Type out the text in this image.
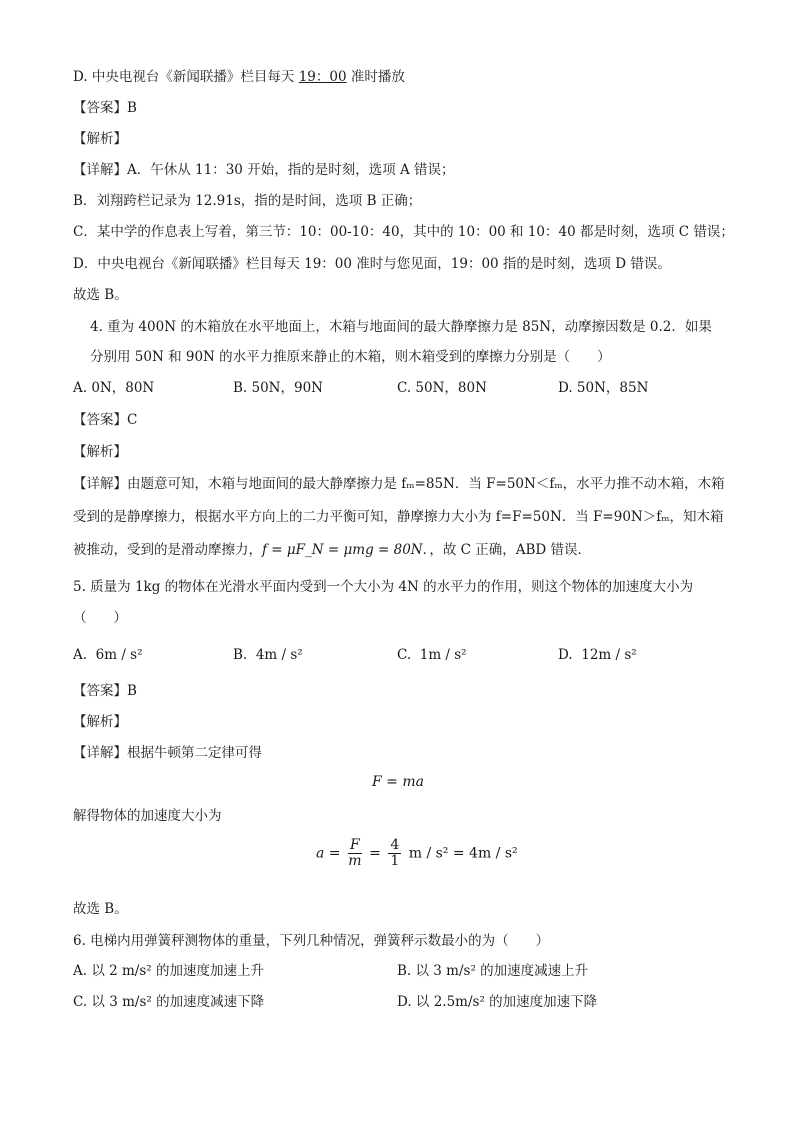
D. 中央电视台《新闻联播》栏目每天 19：00 准时播放
【答案】B
【解析】
【详解】A．午休从 11：30 开始，指的是时刻，选项 A 错误；
B．刘翔跨栏记录为 12.91s，指的是时间，选项 B 正确；
C．某中学的作息表上写着，第三节：10：00-10：40，其中的 10：00 和 10：40 都是时刻，选项 C 错误；
D．中央电视台《新闻联播》栏目每天 19：00 准时与您见面，19：00 指的是时刻，选项 D 错误。
故选 B。
4. 重为 400N 的木箱放在水平地面上，木箱与地面间的最大静摩擦力是 85N，动摩擦因数是 0.2．如果
分别用 50N 和 90N 的水平力推原来静止的木箱，则木箱受到的摩擦力分别是（　　）
A. 0N，80N	B. 50N，90N	C. 50N，80N	D. 50N，85N
【答案】C
【解析】
【详解】由题意可知，木箱与地面间的最大静摩擦力是 fₘ=85N．当 F=50N＜fₘ，水平力推不动木箱，木箱
受到的是静摩擦力，根据水平方向上的二力平衡可知，静摩擦力大小为 f=F=50N．当 F=90N＞fₘ，知木箱
被推动，受到的是滑动摩擦力，f = μF_N = μmg = 80N．，故 C 正确，ABD 错误．
5. 质量为 1kg 的物体在光滑水平面内受到一个大小为 4N 的水平力的作用，则这个物体的加速度大小为
（　　）
A. 6m / s²	B. 4m / s²	C. 1m / s²	D. 12m / s²
【答案】B
【解析】
【详解】根据牛顿第二定律可得
F = ma
解得物体的加速度大小为
$a = \frac{F}{m} = \frac{4}{1}$ m / s² = 4m / s²
故选 B。
6. 电梯内用弹簧秤测物体的重量，下列几种情况，弹簧秤示数最小的为（　　）
A. 以 2 m/s² 的加速度加速上升	B. 以 3 m/s² 的加速度减速上升
C. 以 3 m/s² 的加速度减速下降	D. 以 2.5m/s² 的加速度加速下降
